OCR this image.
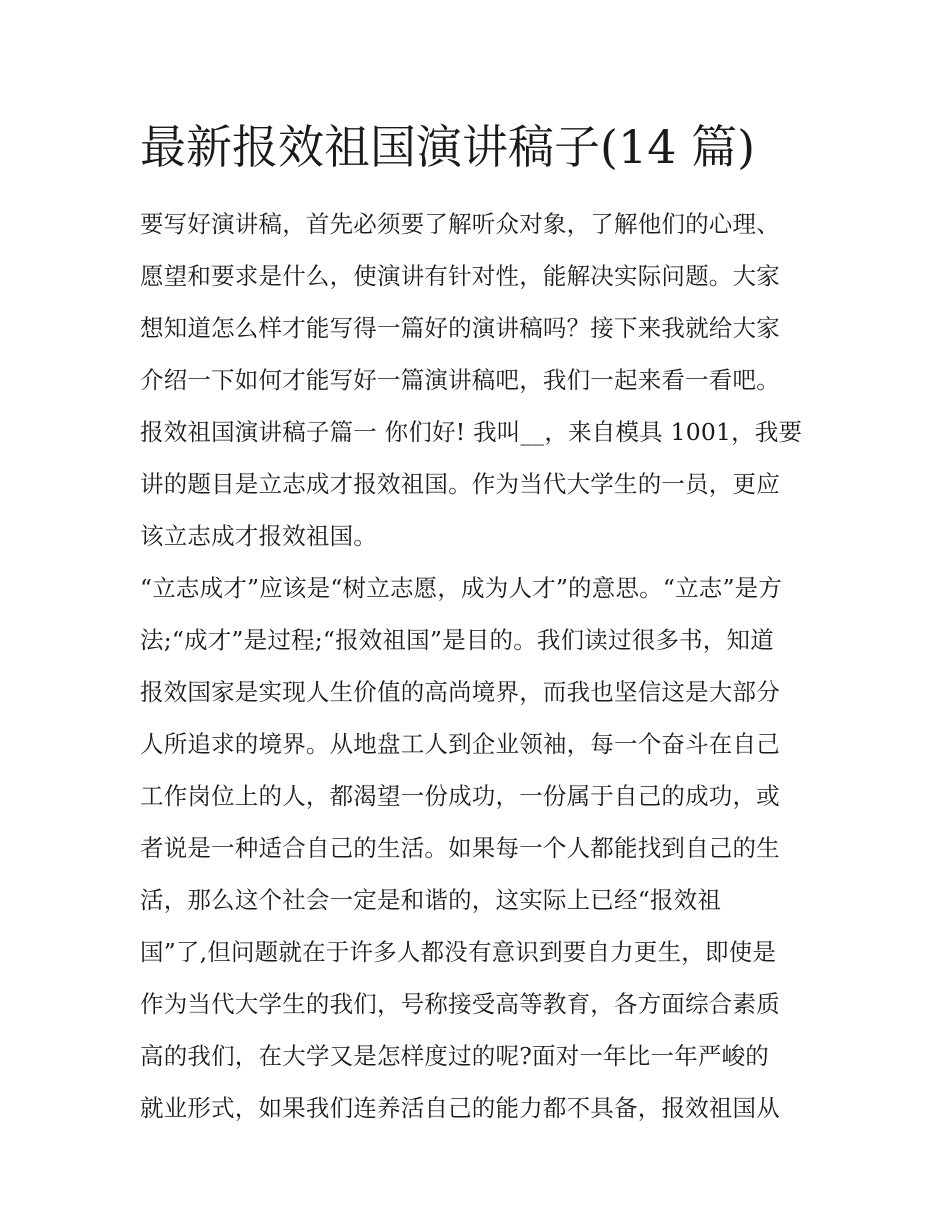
最新报效祖国演讲稿子(14 篇)
要写好演讲稿，首先必须要了解听众对象，了解他们的心理、
愿望和要求是什么，使演讲有针对性，能解决实际问题。大家
想知道怎么样才能写得一篇好的演讲稿吗？接下来我就给大家
介绍一下如何才能写好一篇演讲稿吧，我们一起来看一看吧。
报效祖国演讲稿子篇一 你们好! 我叫__，来自模具 1001，我要
讲的题目是立志成才报效祖国。作为当代大学生的一员，更应
该立志成才报效祖国。
“立志成才”应该是“树立志愿，成为人才”的意思。“立志”是方
法;“成才”是过程;“报效祖国”是目的。我们读过很多书，知道
报效国家是实现人生价值的高尚境界，而我也坚信这是大部分
人所追求的境界。从地盘工人到企业领袖，每一个奋斗在自己
工作岗位上的人，都渴望一份成功，一份属于自己的成功，或
者说是一种适合自己的生活。如果每一个人都能找到自己的生
活，那么这个社会一定是和谐的，这实际上已经“报效祖
国”了,但问题就在于许多人都没有意识到要自力更生，即使是
作为当代大学生的我们，号称接受高等教育，各方面综合素质
高的我们，在大学又是怎样度过的呢?面对一年比一年严峻的
就业形式，如果我们连养活自己的能力都不具备，报效祖国从
